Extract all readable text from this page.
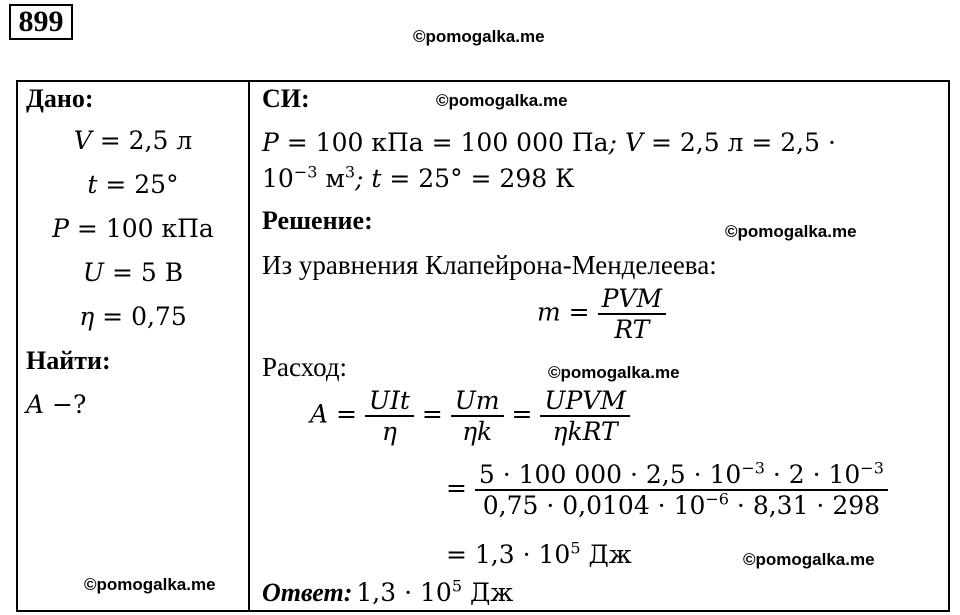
899	©pomogalka.me
©pomogalka.me
©pomogalka.me
©pomogalka.me
©pomogalka.me
©pomogalka.me
Дано:
V = 2,5 л
t = 25°
P = 100 кПа
U = 5 В
η = 0,75
Найти:
A −?
СИ:
P = 100 кПа = 100 000 Па; V = 2,5 л = 2,5 ·
$10^{-3}$ $м^3$; t = 25° = 298 К
Решение:
Из уравнения Клапейрона-Менделеева:
$m = \frac{\text{PVM}}{RT}$
Расход:
$A = \frac{\text{UIt}}{\eta} = \frac{Um}{\eta k} = \frac{\text{UPVM}}{\text{ηkRT}}$
= $\frac{5 \cdot 100 000 \cdot 2,5 \cdot 10^{-3} \cdot 2 \cdot 10^{-3}}{0,75 \cdot 0,0104 \cdot 10^{-6} \cdot 8,31 \cdot 298}$
= $1,3 \cdot 10^5$ Дж
Ответ: $1,3 \cdot 10^5$ Дж
